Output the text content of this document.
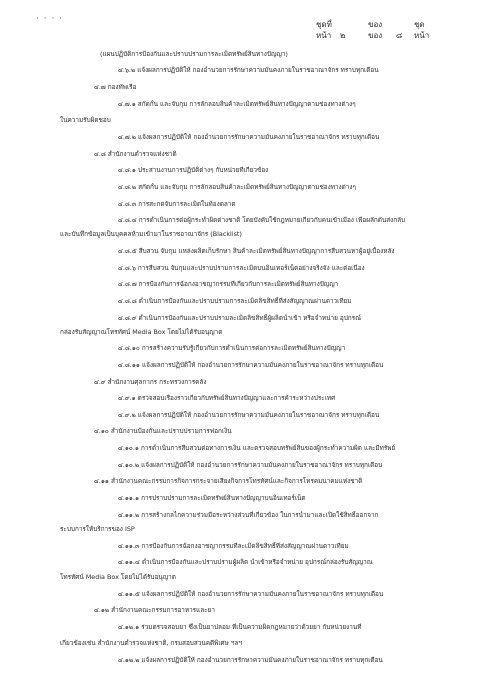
· · · ·
ชุดที่	ของ	ชุด
หน้า ๒	ของ ๘ หน้า
(แผนปฏิบัติการป้องกันและปราบปรามการละเมิดทรัพย์สินทางปัญญา)
๔.๖.๒ แจ้งผลการปฏิบัติให้ กองอำนวยการรักษาความมั่นคงภายในราชอาณาจักร ทราบทุกเดือน
๔.๗ กองทัพเรือ
๔.๗.๑ สกัดกั้น และจับกุม การลักลอบสินค้าละเมิดทรัพย์สินทางปัญญาตามช่องทางต่างๆ
ในความรับผิดชอบ
๔.๗.๒ แจ้งผลการปฏิบัติให้ กองอำนวยการรักษาความมั่นคงภายในราชอาณาจักร ทราบทุกเดือน
๔.๘ สำนักงานตำรวจแห่งชาติ
๔.๘.๑ ประสานงานการปฏิบัติต่างๆ กับหน่วยที่เกี่ยวข้อง
๔.๘.๒ สกัดกั้น และจับกุม การลักลอบสินค้าละเมิดทรัพย์สินทางปัญญาตามช่องทางต่างๆ
๔.๘.๓ การสะกดจับการละเมิดในท้องตลาด
๔.๘.๔ การดำเนินการต่อผู้กระทำผิดต่างชาติ โดยบังคับใช้กฎหมายเกี่ยวกับคนเข้าเมือง เพื่อผลักดันส่งกลับ
และบันทึกข้อมูลเป็นบุคคลห้ามเข้ามาในราชอาณาจักร (Blacklist)
๔.๘.๕ สืบสวน จับกุม แหล่งผลิตเก็บรักษา สินค้าละเมิดทรัพย์สินทางปัญญาการสืบสวนหาผู้อยู่เบื้องหลัง
๔.๘.๖ การสืบสวน จับกุมและปราบปรามการละเมิดบนอินเทอร์เน็ตอย่างจริงจัง และต่อเนื่อง
๔.๘.๗ การป้องกันการฉ้อกงอาชญากรรมที่เกี่ยวกับการละเมิดทรัพย์สินทางปัญญา
๔.๘.๘ ดำเนินการป้องกันและปราบปรามการละเมิดลิขสิทธิ์ที่ส่งสัญญาณผ่านดาวเทียม
๔.๘.๙ ดำเนินการป้องกันและปราบปรามละเมิดลิขสิทธิ์ผู้ผลิตนำเข้า หรือจำหน่าย อุปกรณ์
กล่องรับสัญญาณโทรทัศน์ Media Box โดยไม่ได้รับอนุญาต
๔.๘.๑๐ การสร้างความรับรู้เกี่ยวกับการดำเนินการต่อการละเมิดทรัพย์สินทางปัญญา
๔.๘.๑๑ แจ้งผลการปฏิบัติให้ กองอำนวยการรักษาความมั่นคงภายในราชอาณาจักร ทราบทุกเดือน
๔.๙ สำนักงานศุลกากร กระทรวงการคลัง
๔.๙.๑ ตรวจสอบเรื่องราวเกี่ยวกับทรัพย์สินทางปัญญาและการค้าระหว่างประเทศ
๔.๙.๒ แจ้งผลการปฏิบัติให้ กองอำนวยการรักษาความมั่นคงภายในราชอาณาจักร ทราบทุกเดือน
๔.๑๐ สำนักงานป้องกันและปราบปรามการฟอกเงิน
๔.๑๐.๑ การดำเนินการสืบสวนต่อทางการเงิน และตรวจสอบทรัพย์สินของผู้กระทำความผิด และมีทรัพย์
๔.๑๐.๒ แจ้งผลการปฏิบัติให้ กองอำนวยการรักษาความมั่นคงภายในราชอาณาจักร ทราบทุกเดือน
๔.๑๑ สำนักงานคณะกรรมการกิจการกระจายเสียงกิจการโทรทัศน์และกิจการโทรคมนาคมแห่งชาติ
๔.๑๑.๑ การปราบปรามการละเมิดทรัพย์สินทางปัญญาบนอินเทอร์เน็ต
๔.๑๑.๒ การสร้างกลไกความร่วมมือระหว่างส่วนที่เกี่ยวข้อง ในการนำมาและเปิดใช้สิทธิ์ออกจาก
ระบบการให้บริการของ ISP
๔.๑๑.๓ การป้องกันการฉ้อกงอาชญากรรมที่ละเมิดลิขสิทธิ์ที่ส่งสัญญาณผ่านดาวเทียม
๔.๑๑.๔ ดำเนินการป้องกันและปราบปรามผู้ผลิต นำเข้าหรือจำหน่าย อุปกรณ์กล่องรับสัญญาณ
โทรทัศน์ Media Box โดยไม่ได้รับอนุญาต
๔.๑๑.๕ แจ้งผลการปฏิบัติให้ กองอำนวยการรักษาความมั่นคงภายในราชอาณาจักร ทราบทุกเดือน
๔.๑๒ สำนักงานคณะกรรมการอาหารและยา
๔.๑๒.๑ ร่วมตรวจสอบยา ซึ่งเป็นยาปลอม ที่เป็นความผิดกฎหมายว่าด้วยยา กับหน่วยงานที่
เกี่ยวข้องเช่น สำนักงานตำรวจแห่งชาติ, กรมสอบสวนคดีพิเศษ ฯลฯ
๔.๑๒.๒ แจ้งผลการปฏิบัติให้ กองอำนวยการรักษาความมั่นคงภายในราชอาณาจักร ทราบทุกเดือน
